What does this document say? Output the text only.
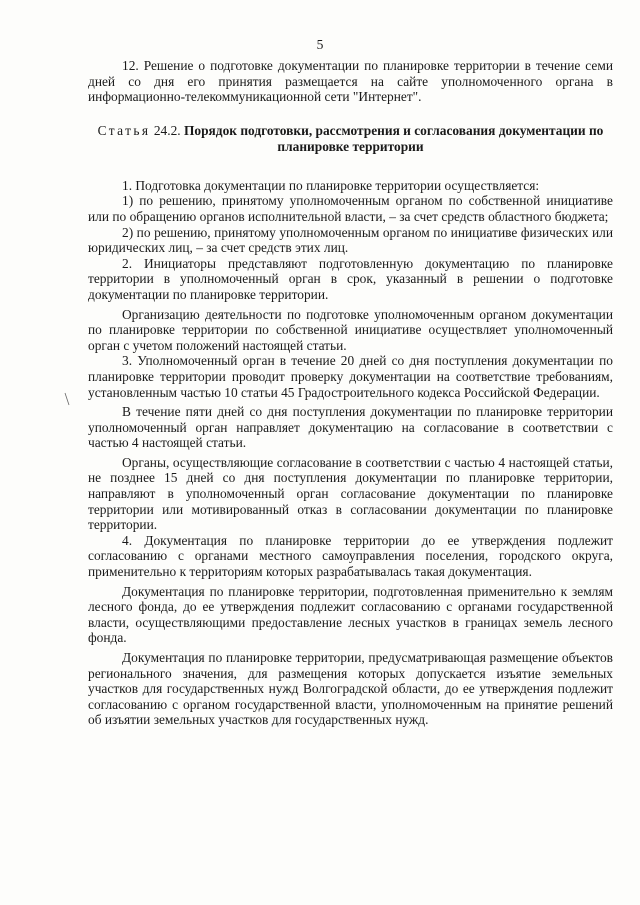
5

12. Решение о подготовке документации по планировке территории в течение семи дней со дня его принятия размещается на сайте уполномоченного органа в информационно-телекоммуникационной сети "Интернет".

Статья 24.2. Порядок подготовки, рассмотрения и согласования документации по планировке территории

1. Подготовка документации по планировке территории осуществляется:

1) по решению, принятому уполномоченным органом по собственной инициативе или по обращению органов исполнительной власти, – за счет средств областного бюджета;

2) по решению, принятому уполномоченным органом по инициативе физических или юридических лиц, – за счет средств этих лиц.

2. Инициаторы представляют подготовленную документацию по планировке территории в уполномоченный орган в срок, указанный в решении о подготовке документации по планировке территории.

Организацию деятельности по подготовке уполномоченным органом документации по планировке территории по собственной инициативе осуществляет уполномоченный орган с учетом положений настоящей статьи.

3. Уполномоченный орган в течение 20 дней со дня поступления документации по планировке территории проводит проверку документации на соответствие требованиям, установленным частью 10 статьи 45 Градостроительного кодекса Российской Федерации.

В течение пяти дней со дня поступления документации по планировке территории уполномоченный орган направляет документацию на согласование в соответствии с частью 4 настоящей статьи.

Органы, осуществляющие согласование в соответствии с частью 4 настоящей статьи, не позднее 15 дней со дня поступления документации по планировке территории, направляют в уполномоченный орган согласование документации по планировке территории или мотивированный отказ в согласовании документации по планировке территории.

4. Документация по планировке территории до ее утверждения подлежит согласованию с органами местного самоуправления поселения, городского округа, применительно к территориям которых разрабатывалась такая документация.

Документация по планировке территории, подготовленная применительно к землям лесного фонда, до ее утверждения подлежит согласованию с органами государственной власти, осуществляющими предоставление лесных участков в границах земель лесного фонда.

Документация по планировке территории, предусматривающая размещение объектов регионального значения, для размещения которых допускается изъятие земельных участков для государственных нужд Волгоградской области, до ее утверждения подлежит согласованию с органом государственной власти, уполномоченным на принятие решений об изъятии земельных участков для государственных нужд.
